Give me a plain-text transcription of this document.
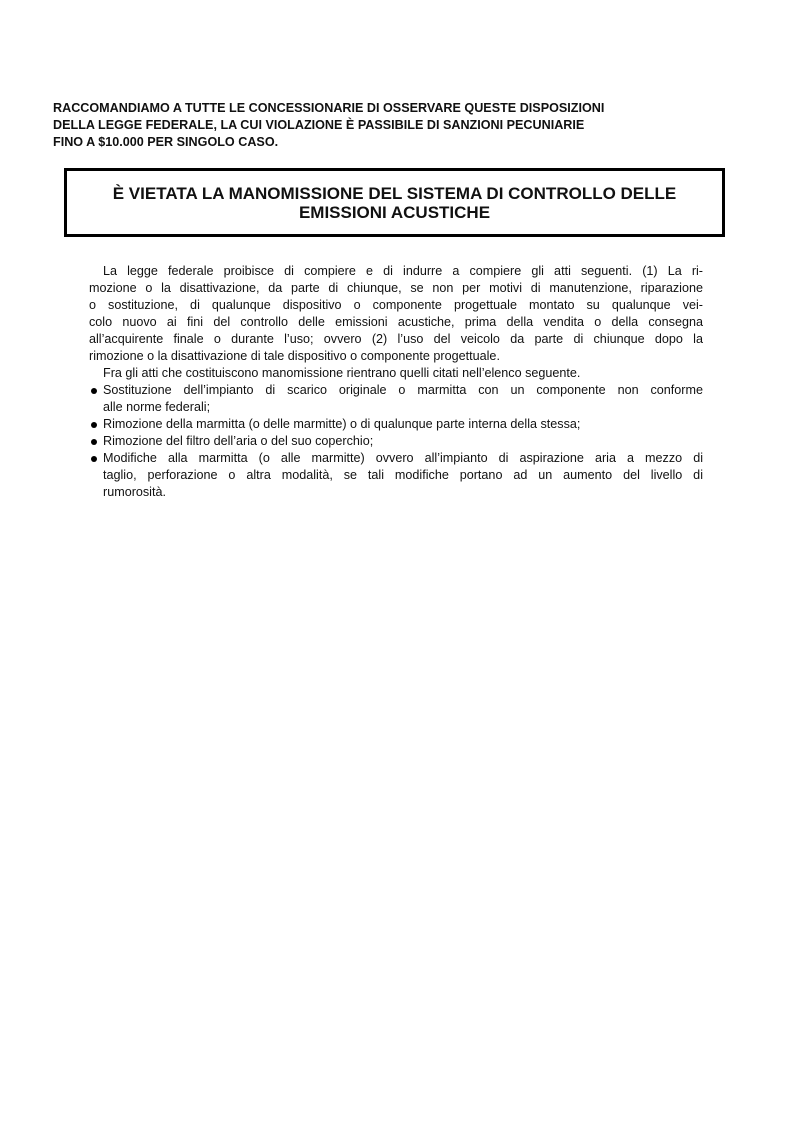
RACCOMANDIAMO A TUTTE LE CONCESSIONARIE DI OSSERVARE QUESTE DISPOSIZIONI
DELLA LEGGE FEDERALE, LA CUI VIOLAZIONE È PASSIBILE DI SANZIONI PECUNIARIE
FINO A $10.000 PER SINGOLO CASO.
È VIETATA LA MANOMISSIONE DEL SISTEMA DI CONTROLLO DELLE
EMISSIONI ACUSTICHE

La legge federale proibisce di compiere e di indurre a compiere gli atti seguenti. (1) La ri-

mozione o la disattivazione, da parte di chiunque, se non per motivi di manutenzione, riparazione

o sostituzione, di qualunque dispositivo o componente progettuale montato su qualunque vei-

colo nuovo ai fini del controllo delle emissioni acustiche, prima della vendita o della consegna

all’acquirente finale o durante l’uso; ovvero (2) l’uso del veicolo da parte di chiunque dopo la

rimozione o la disattivazione di tale dispositivo o componente progettuale.

Fra gli atti che costituiscono manomissione rientrano quelli citati nell’elenco seguente.

Sostituzione dell’impianto di scarico originale o marmitta con un componente non conforme
alle norme federali;
Rimozione della marmitta (o delle marmitte) o di qualunque parte interna della stessa;
Rimozione del filtro dell’aria o del suo coperchio;
Modifiche alla marmitta (o alle marmitte) ovvero all’impianto di aspirazione aria a mezzo di
taglio, perforazione o altra modalità, se tali modifiche portano ad un aumento del livello di
rumorosità.
